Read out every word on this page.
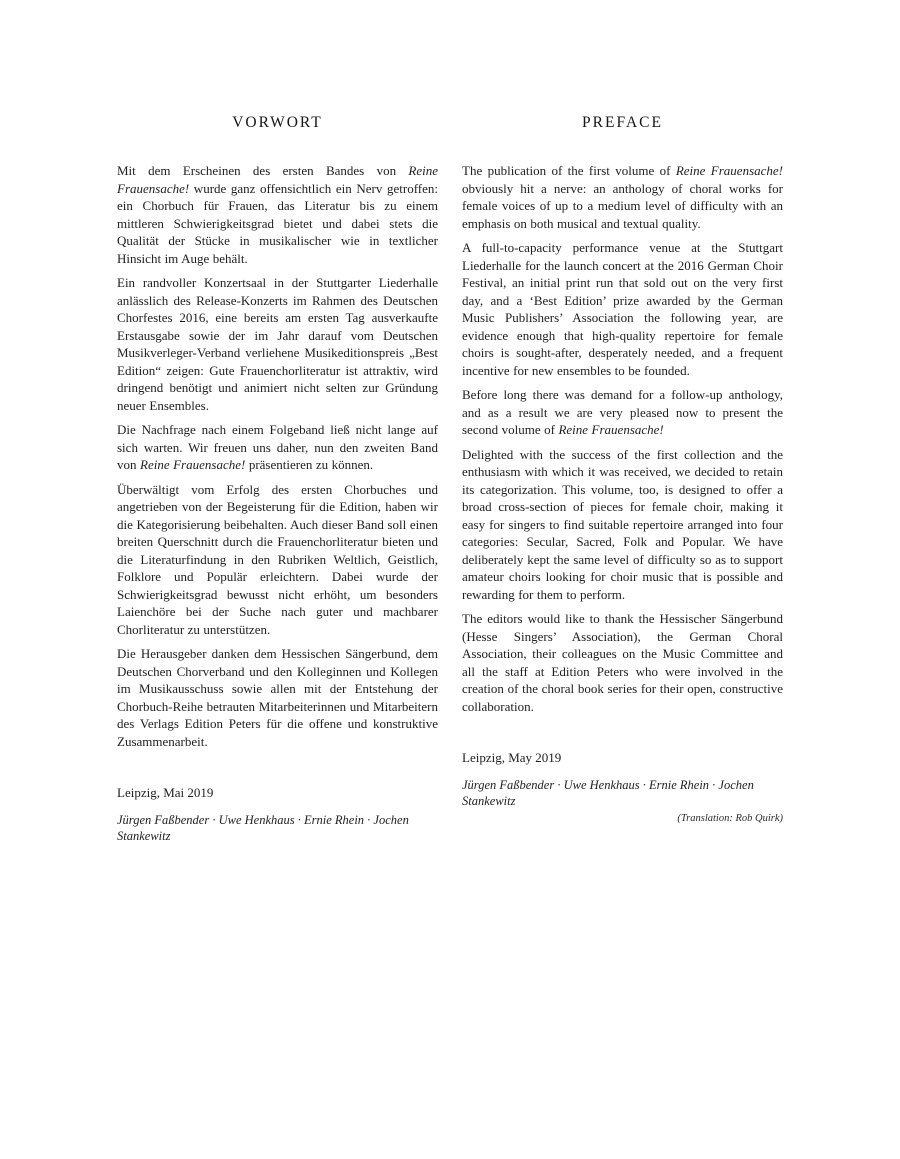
VORWORT

Mit dem Erscheinen des ersten Bandes von Reine Frauensache! wurde ganz offensichtlich ein Nerv getroffen: ein Chorbuch für Frauen, das Literatur bis zu einem mittleren Schwierigkeitsgrad bietet und dabei stets die Qualität der Stücke in musikalischer wie in textlicher Hinsicht im Auge behält.

Ein randvoller Konzertsaal in der Stuttgarter Liederhalle anlässlich des Release-Konzerts im Rahmen des Deutschen Chorfestes 2016, eine bereits am ersten Tag ausverkaufte Erstausgabe sowie der im Jahr darauf vom Deutschen Musikverleger-Verband verliehene Musikeditionspreis „Best Edition“ zeigen: Gute Frauenchorliteratur ist attraktiv, wird dringend benötigt und animiert nicht selten zur Gründung neuer Ensembles.

Die Nachfrage nach einem Folgeband ließ nicht lange auf sich warten. Wir freuen uns daher, nun den zweiten Band von Reine Frauensache! präsentieren zu können.

Überwältigt vom Erfolg des ersten Chorbuches und angetrieben von der Begeisterung für die Edition, haben wir die Kategorisierung beibehalten. Auch dieser Band soll einen breiten Querschnitt durch die Frauenchorliteratur bieten und die Literaturfindung in den Rubriken Weltlich, Geistlich, Folklore und Populär erleichtern. Dabei wurde der Schwierigkeitsgrad bewusst nicht erhöht, um besonders Laienchöre bei der Suche nach guter und machbarer Chorliteratur zu unterstützen.

Die Herausgeber danken dem Hessischen Sängerbund, dem Deutschen Chorverband und den Kolleginnen und Kollegen im Musikausschuss sowie allen mit der Entstehung der Chorbuch-Reihe betrauten Mitarbeiterinnen und Mitarbeitern des Verlags Edition Peters für die offene und konstruktive Zusammenarbeit.

Leipzig, Mai 2019
Jürgen Faßbender · Uwe Henkhaus · Ernie Rhein · Jochen Stankewitz
PREFACE

The publication of the first volume of Reine Frauensache! obviously hit a nerve: an anthology of choral works for female voices of up to a medium level of difficulty with an emphasis on both musical and textual quality.

A full-to-capacity performance venue at the Stuttgart Liederhalle for the launch concert at the 2016 German Choir Festival, an initial print run that sold out on the very first day, and a ‘Best Edition’ prize awarded by the German Music Publishers’ Association the following year, are evidence enough that high-quality repertoire for female choirs is sought-after, desperately needed, and a frequent incentive for new ensembles to be founded.

Before long there was demand for a follow-up anthology, and as a result we are very pleased now to present the second volume of Reine Frauensache!

Delighted with the success of the first collection and the enthusiasm with which it was received, we decided to retain its categorization. This volume, too, is designed to offer a broad cross-section of pieces for female choir, making it easy for singers to find suitable repertoire arranged into four categories: Secular, Sacred, Folk and Popular. We have deliberately kept the same level of difficulty so as to support amateur choirs looking for choir music that is possible and rewarding for them to perform.

The editors would like to thank the Hessischer Sängerbund (Hesse Singers’ Association), the German Choral Association, their colleagues on the Music Committee and all the staff at Edition Peters who were involved in the creation of the choral book series for their open, constructive collaboration.

Leipzig, May 2019
Jürgen Faßbender · Uwe Henkhaus · Ernie Rhein · Jochen Stankewitz
(Translation: Rob Quirk)
